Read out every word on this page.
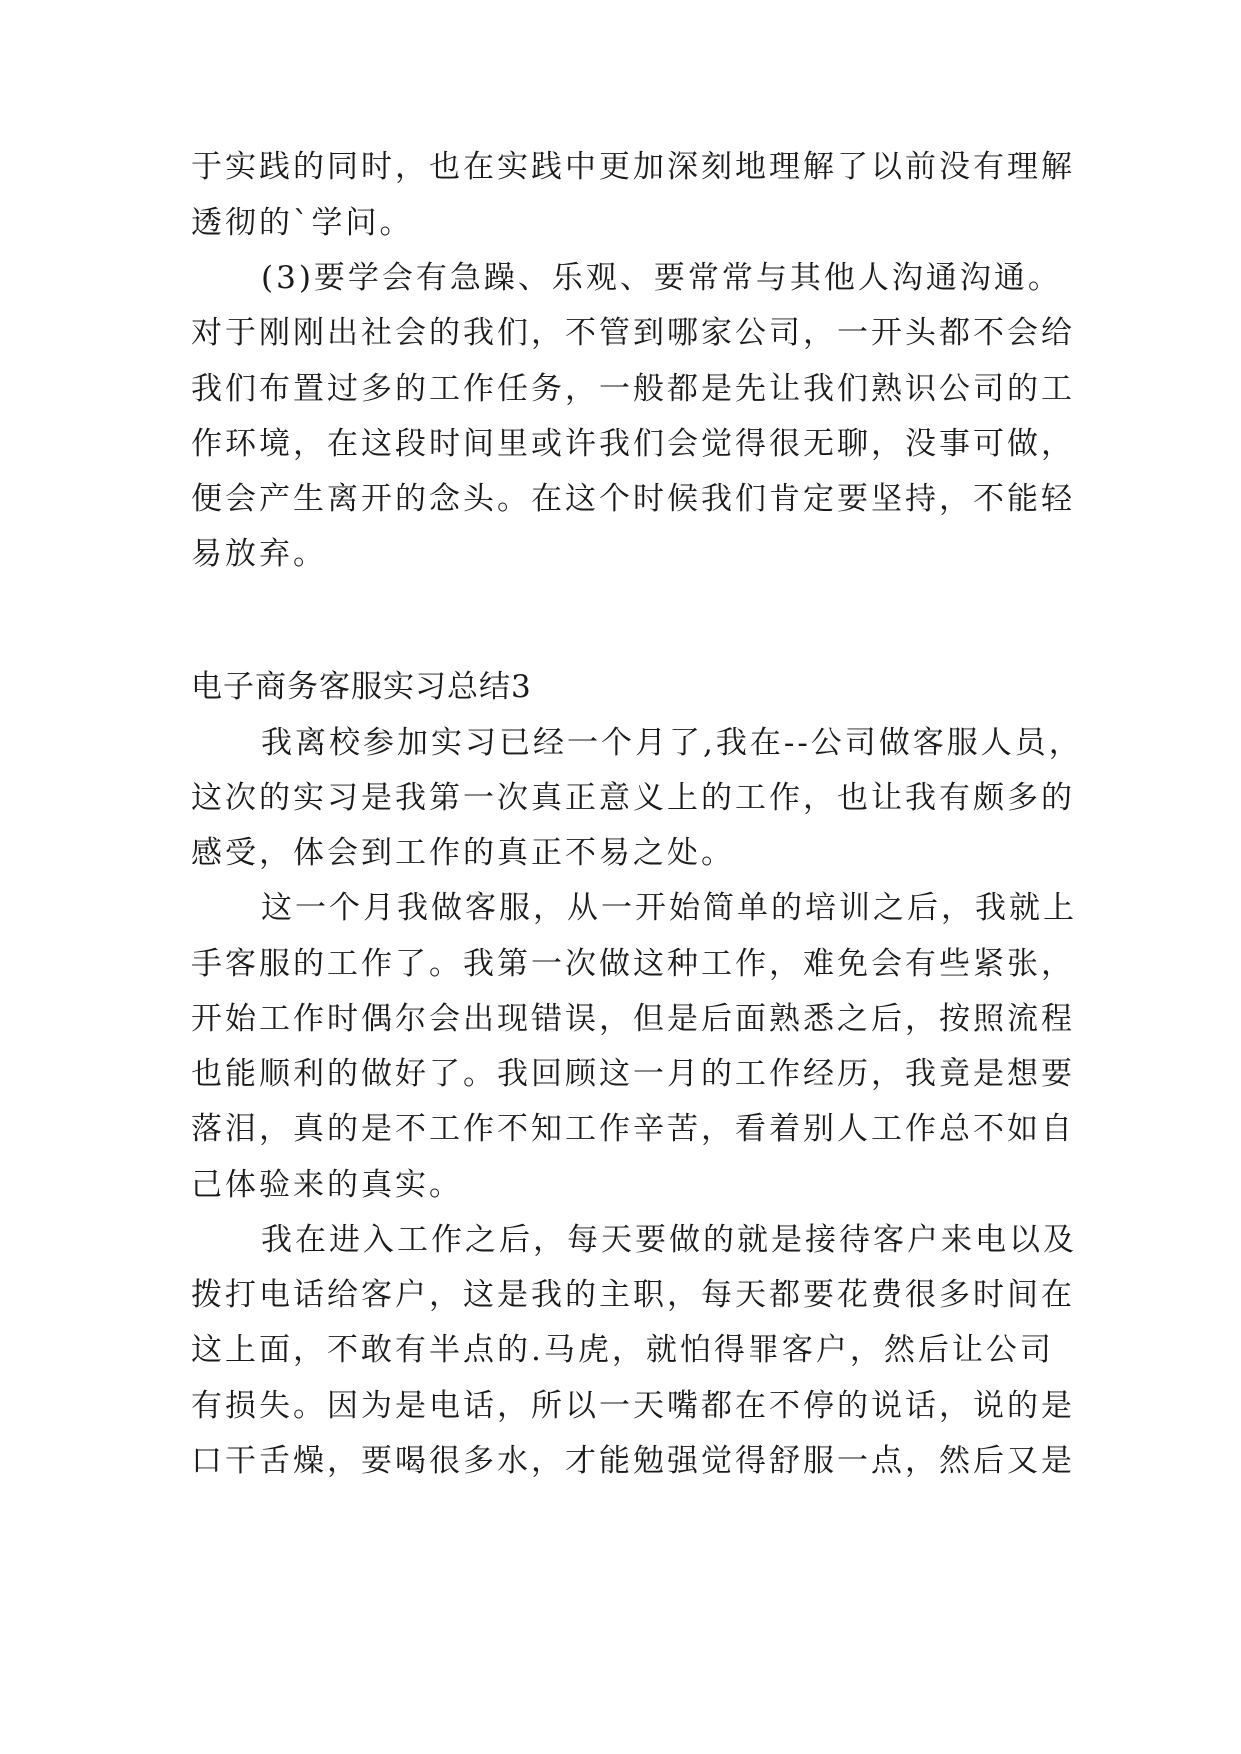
于实践的同时，也在实践中更加深刻地理解了以前没有理解
透彻的`学问。
(3)要学会有急躁、乐观、要常常与其他人沟通沟通。
对于刚刚出社会的我们，不管到哪家公司，一开头都不会给
我们布置过多的工作任务，一般都是先让我们熟识公司的工
作环境，在这段时间里或许我们会觉得很无聊，没事可做，
便会产生离开的念头。在这个时候我们肯定要坚持，不能轻
易放弃。
电子商务客服实习总结3
我离校参加实习已经一个月了,我在--公司做客服人员，
这次的实习是我第一次真正意义上的工作，也让我有颇多的
感受，体会到工作的真正不易之处。
这一个月我做客服，从一开始简单的培训之后，我就上
手客服的工作了。我第一次做这种工作，难免会有些紧张，
开始工作时偶尔会出现错误，但是后面熟悉之后，按照流程
也能顺利的做好了。我回顾这一月的工作经历，我竟是想要
落泪，真的是不工作不知工作辛苦，看着别人工作总不如自
己体验来的真实。
我在进入工作之后，每天要做的就是接待客户来电以及
拨打电话给客户，这是我的主职，每天都要花费很多时间在
这上面，不敢有半点的.马虎，就怕得罪客户，然后让公司
有损失。因为是电话，所以一天嘴都在不停的说话，说的是
口干舌燥，要喝很多水，才能勉强觉得舒服一点，然后又是
